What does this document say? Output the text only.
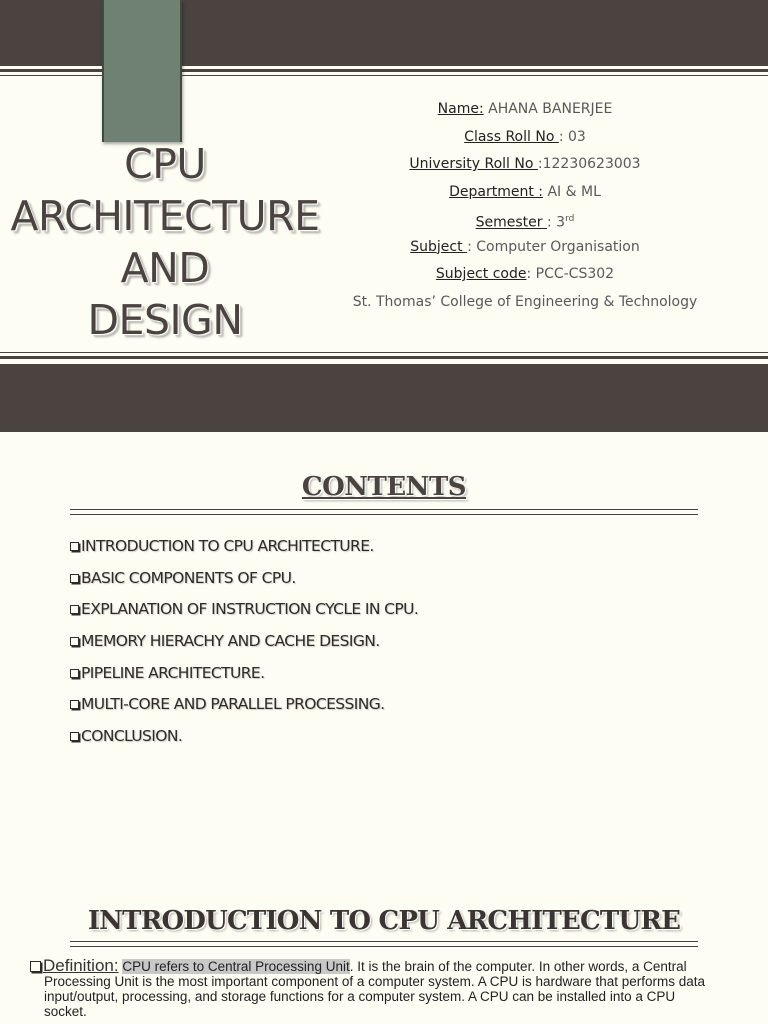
CPU
ARCHITECTURE
AND
DESIGN
Name: AHANA BANERJEE
Class Roll No : 03
University Roll No :12230623003
Department : AI & ML
Semester : 3rd
Subject : Computer Organisation
Subject code: PCC-CS302
St. Thomas’ College of Engineering & Technology
CONTENTS
INTRODUCTION TO CPU ARCHITECTURE.
BASIC COMPONENTS OF CPU.
EXPLANATION OF INSTRUCTION CYCLE IN CPU.
MEMORY HIERACHY AND CACHE DESIGN.
PIPELINE ARCHITECTURE.
MULTI-CORE AND PARALLEL PROCESSING.
CONCLUSION.
INTRODUCTION TO CPU ARCHITECTURE
Definition: CPU refers to Central Processing Unit. It is the brain of the computer. In other words, a Central
Processing Unit is the most important component of a computer system. A CPU is hardware that performs data
input/output, processing, and storage functions for a computer system. A CPU can be installed into a CPU
socket.
